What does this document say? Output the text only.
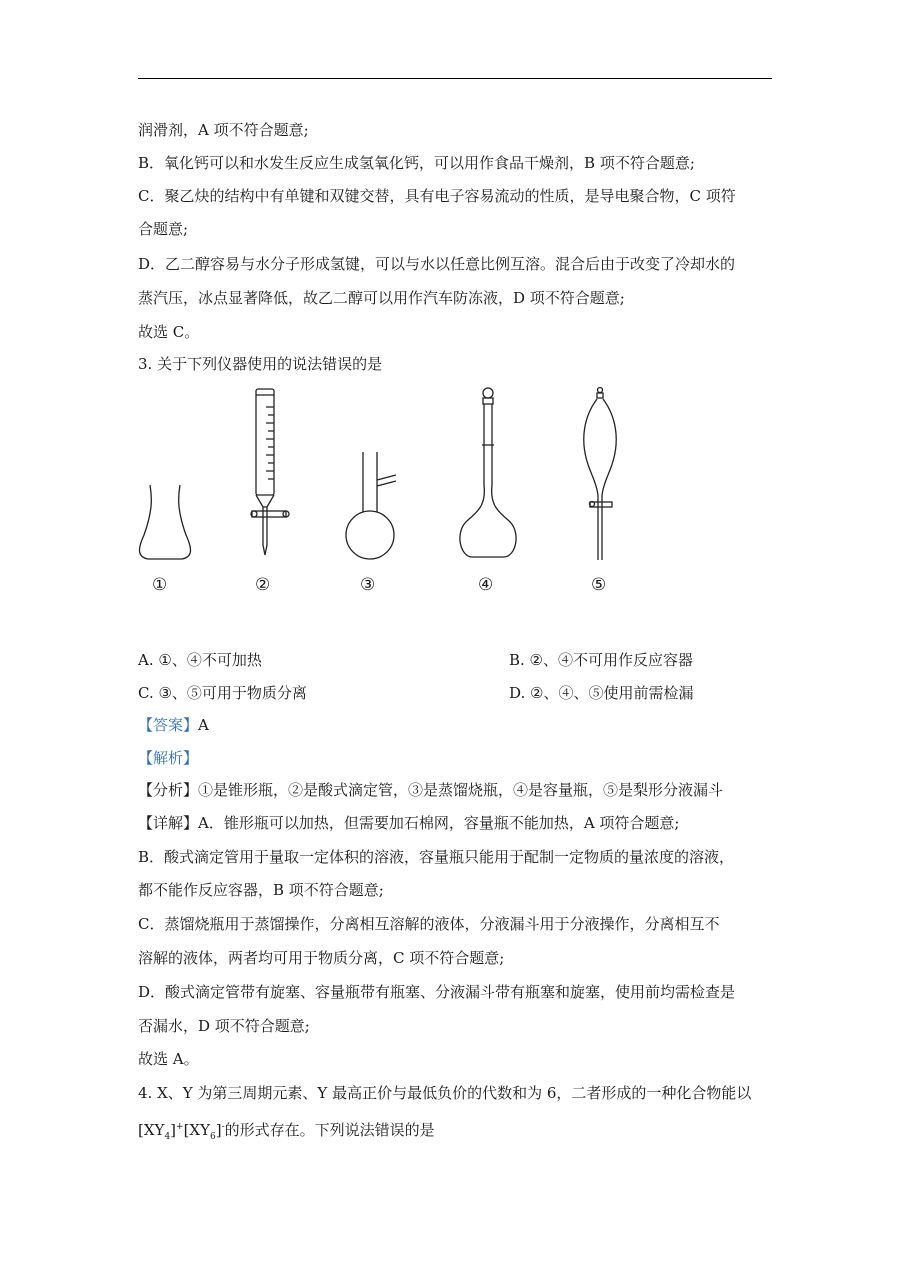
润滑剂，A 项不符合题意;
B．氧化钙可以和水发生反应生成氢氧化钙，可以用作食品干燥剂，B 项不符合题意;
C．聚乙炔的结构中有单键和双键交替，具有电子容易流动的性质，是导电聚合物，C 项符
合题意;
D．乙二醇容易与水分子形成氢键，可以与水以任意比例互溶。混合后由于改变了冷却水的
蒸汽压，冰点显著降低，故乙二醇可以用作汽车防冻液，D 项不符合题意;
故选 C。
3. 关于下列仪器使用的说法错误的是
①	②	③	④	⑤
A. ①、④不可加热	B. ②、④不可用作反应容器
C. ③、⑤可用于物质分离	D. ②、④、⑤使用前需检漏
【答案】A
【解析】
【分析】①是锥形瓶，②是酸式滴定管，③是蒸馏烧瓶，④是容量瓶，⑤是梨形分液漏斗
【详解】A．锥形瓶可以加热，但需要加石棉网，容量瓶不能加热，A 项符合题意;
B．酸式滴定管用于量取一定体积的溶液，容量瓶只能用于配制一定物质的量浓度的溶液，
都不能作反应容器，B 项不符合题意;
C．蒸馏烧瓶用于蒸馏操作，分离相互溶解的液体，分液漏斗用于分液操作，分离相互不
溶解的液体，两者均可用于物质分离，C 项不符合题意;
D．酸式滴定管带有旋塞、容量瓶带有瓶塞、分液漏斗带有瓶塞和旋塞，使用前均需检查是
否漏水，D 项不符合题意;
故选 A。
4. X、Y 为第三周期元素、Y 最高正价与最低负价的代数和为 6，二者形成的一种化合物能以
$[XY_4]^+[XY_6]^-$的形式存在。下列说法错误的是
